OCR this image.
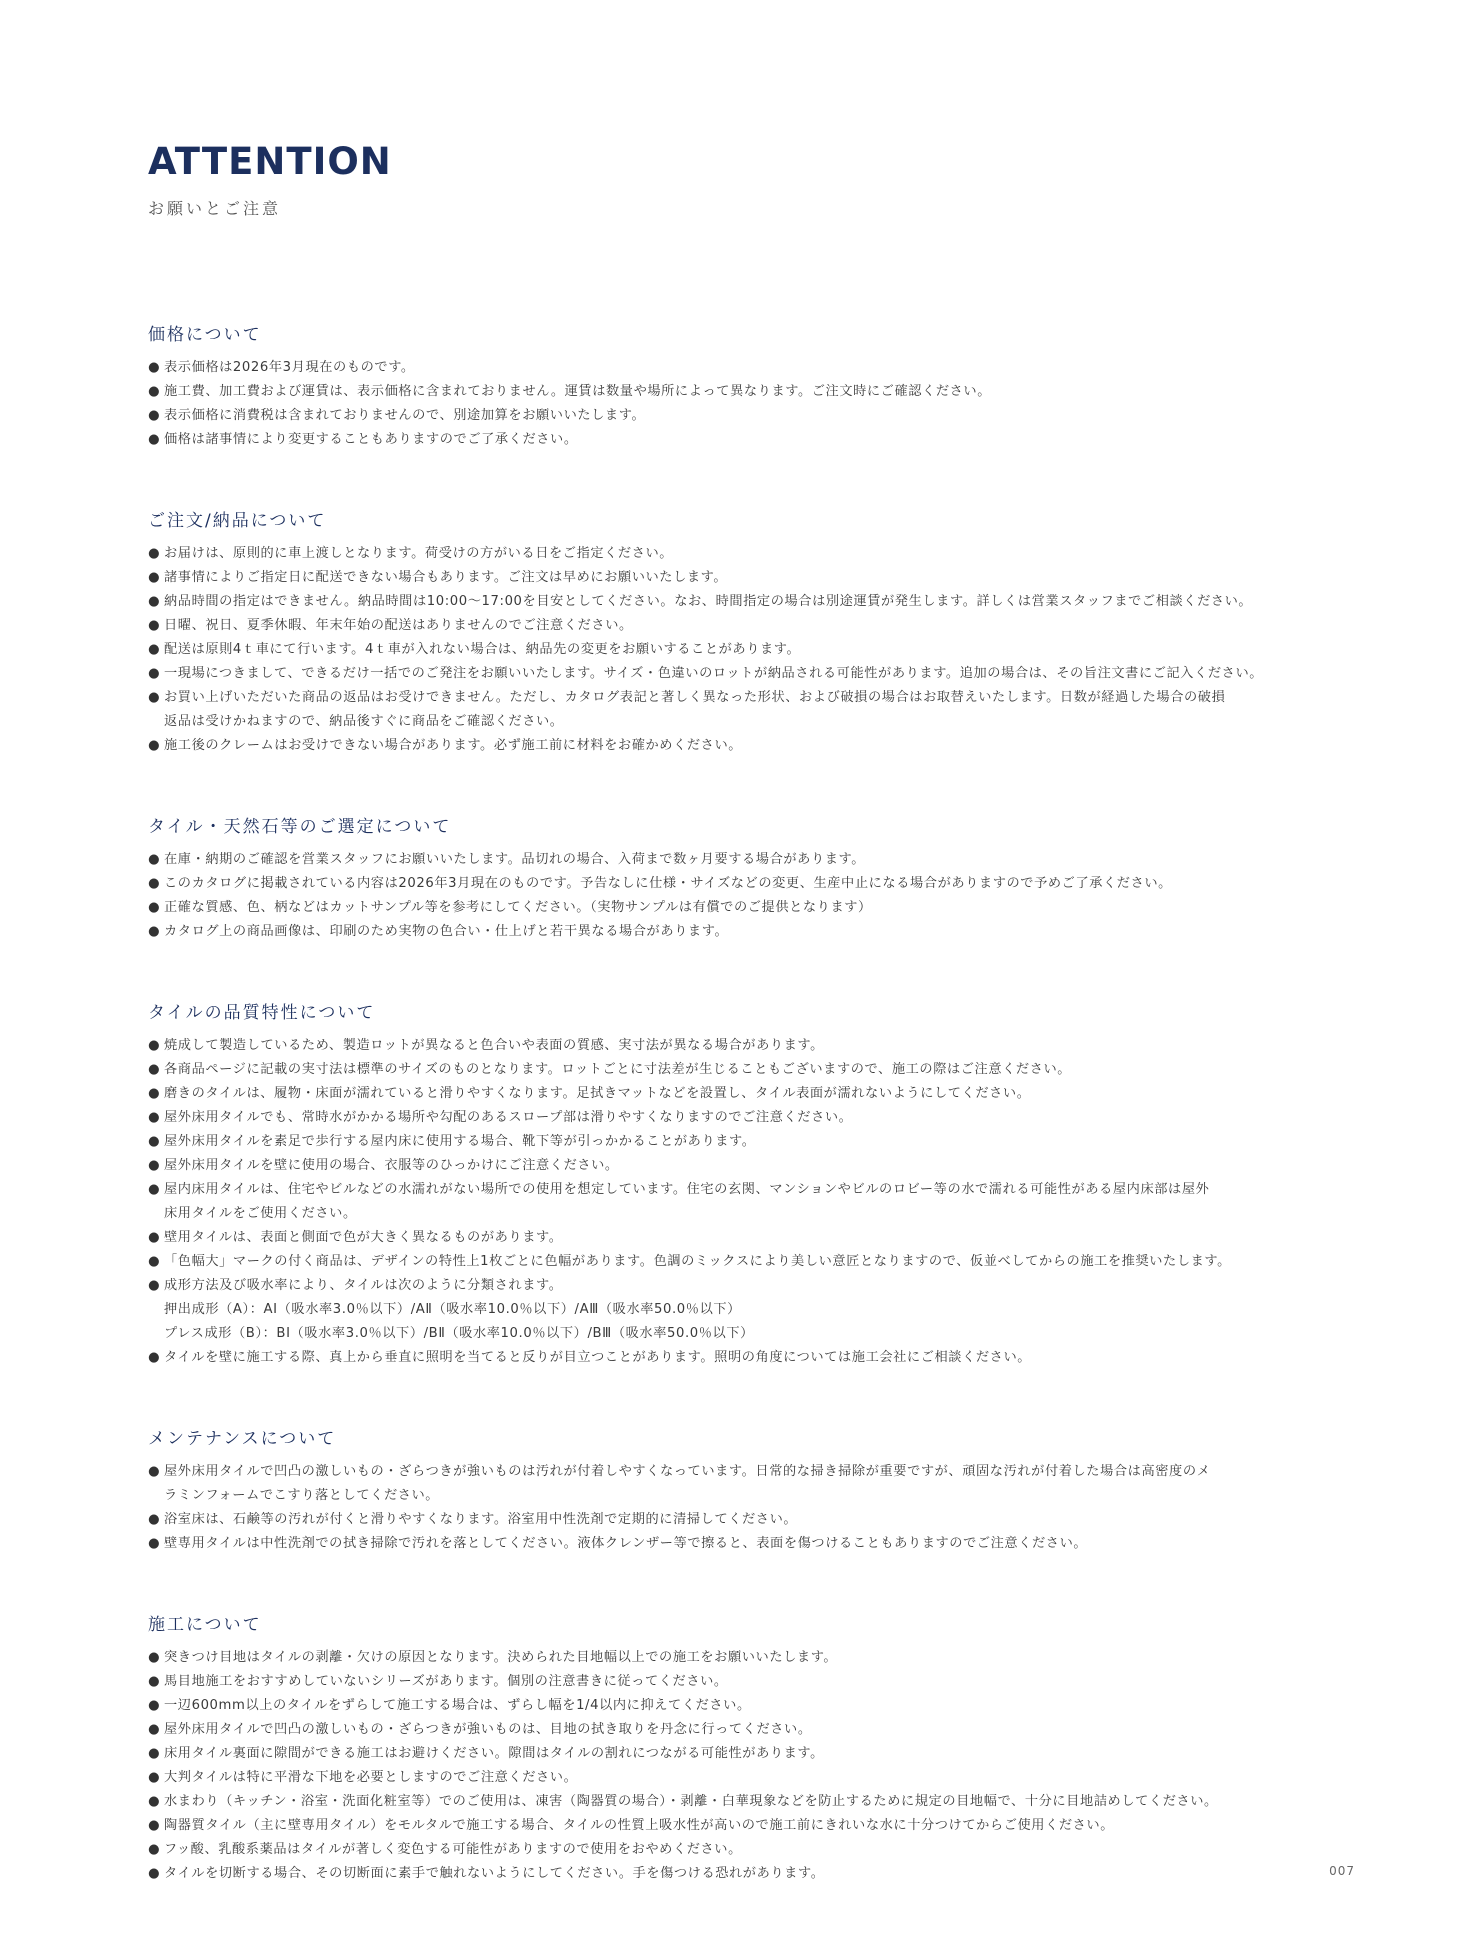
ATTENTION
お願いとご注意
価格について
● 表示価格は2026年3月現在のものです。
● 施工費、加工費および運賃は、表示価格に含まれておりません。運賃は数量や場所によって異なります。ご注文時にご確認ください。
● 表示価格に消費税は含まれておりませんので、別途加算をお願いいたします。
● 価格は諸事情により変更することもありますのでご了承ください。
ご注文/納品について
● お届けは、原則的に車上渡しとなります。荷受けの方がいる日をご指定ください。
● 諸事情によりご指定日に配送できない場合もあります。ご注文は早めにお願いいたします。
● 納品時間の指定はできません。納品時間は10:00～17:00を目安としてください。なお、時間指定の場合は別途運賃が発生します。詳しくは営業スタッフまでご相談ください。
● 日曜、祝日、夏季休暇、年末年始の配送はありませんのでご注意ください。
● 配送は原則4ｔ車にて行います。4ｔ車が入れない場合は、納品先の変更をお願いすることがあります。
● 一現場につきまして、できるだけ一括でのご発注をお願いいたします。サイズ・色違いのロットが納品される可能性があります。追加の場合は、その旨注文書にご記入ください。
● お買い上げいただいた商品の返品はお受けできません。ただし、カタログ表記と著しく異なった形状、および破損の場合はお取替えいたします。日数が経過した場合の破損
返品は受けかねますので、納品後すぐに商品をご確認ください。
● 施工後のクレームはお受けできない場合があります。必ず施工前に材料をお確かめください。
タイル・天然石等のご選定について
● 在庫・納期のご確認を営業スタッフにお願いいたします。品切れの場合、入荷まで数ヶ月要する場合があります。
● このカタログに掲載されている内容は2026年3月現在のものです。予告なしに仕様・サイズなどの変更、生産中止になる場合がありますので予めご了承ください。
● 正確な質感、色、柄などはカットサンプル等を参考にしてください。（実物サンプルは有償でのご提供となります）
● カタログ上の商品画像は、印刷のため実物の色合い・仕上げと若干異なる場合があります。
タイルの品質特性について
● 焼成して製造しているため、製造ロットが異なると色合いや表面の質感、実寸法が異なる場合があります。
● 各商品ページに記載の実寸法は標準のサイズのものとなります。ロットごとに寸法差が生じることもございますので、施工の際はご注意ください。
● 磨きのタイルは、履物・床面が濡れていると滑りやすくなります。足拭きマットなどを設置し、タイル表面が濡れないようにしてください。
● 屋外床用タイルでも、常時水がかかる場所や勾配のあるスロープ部は滑りやすくなりますのでご注意ください。
● 屋外床用タイルを素足で歩行する屋内床に使用する場合、靴下等が引っかかることがあります。
● 屋外床用タイルを壁に使用の場合、衣服等のひっかけにご注意ください。
● 屋内床用タイルは、住宅やビルなどの水濡れがない場所での使用を想定しています。住宅の玄関、マンションやビルのロビー等の水で濡れる可能性がある屋内床部は屋外
床用タイルをご使用ください。
● 壁用タイルは、表面と側面で色が大きく異なるものがあります。
● 「色幅大」マークの付く商品は、デザインの特性上1枚ごとに色幅があります。色調のミックスにより美しい意匠となりますので、仮並べしてからの施工を推奨いたします。
● 成形方法及び吸水率により、タイルは次のように分類されます。
押出成形（A）：AⅠ（吸水率3.0％以下）/AⅡ（吸水率10.0％以下）/AⅢ（吸水率50.0％以下）
プレス成形（B）：BⅠ（吸水率3.0％以下）/BⅡ（吸水率10.0％以下）/BⅢ（吸水率50.0％以下）
● タイルを壁に施工する際、真上から垂直に照明を当てると反りが目立つことがあります。照明の角度については施工会社にご相談ください。
メンテナンスについて
● 屋外床用タイルで凹凸の激しいもの・ざらつきが強いものは汚れが付着しやすくなっています。日常的な掃き掃除が重要ですが、頑固な汚れが付着した場合は高密度のメ
ラミンフォームでこすり落としてください。
● 浴室床は、石鹸等の汚れが付くと滑りやすくなります。浴室用中性洗剤で定期的に清掃してください。
● 壁専用タイルは中性洗剤での拭き掃除で汚れを落としてください。液体クレンザー等で擦ると、表面を傷つけることもありますのでご注意ください。
施工について
● 突きつけ目地はタイルの剥離・欠けの原因となります。決められた目地幅以上での施工をお願いいたします。
● 馬目地施工をおすすめしていないシリーズがあります。個別の注意書きに従ってください。
● 一辺600mm以上のタイルをずらして施工する場合は、ずらし幅を1/4以内に抑えてください。
● 屋外床用タイルで凹凸の激しいもの・ざらつきが強いものは、目地の拭き取りを丹念に行ってください。
● 床用タイル裏面に隙間ができる施工はお避けください。隙間はタイルの割れにつながる可能性があります。
● 大判タイルは特に平滑な下地を必要としますのでご注意ください。
● 水まわり（キッチン・浴室・洗面化粧室等）でのご使用は、凍害（陶器質の場合）・剥離・白華現象などを防止するために規定の目地幅で、十分に目地詰めしてください。
● 陶器質タイル（主に壁専用タイル）をモルタルで施工する場合、タイルの性質上吸水性が高いので施工前にきれいな水に十分つけてからご使用ください。
● フッ酸、乳酸系薬品はタイルが著しく変色する可能性がありますので使用をおやめください。
● タイルを切断する場合、その切断面に素手で触れないようにしてください。手を傷つける恐れがあります。	007
